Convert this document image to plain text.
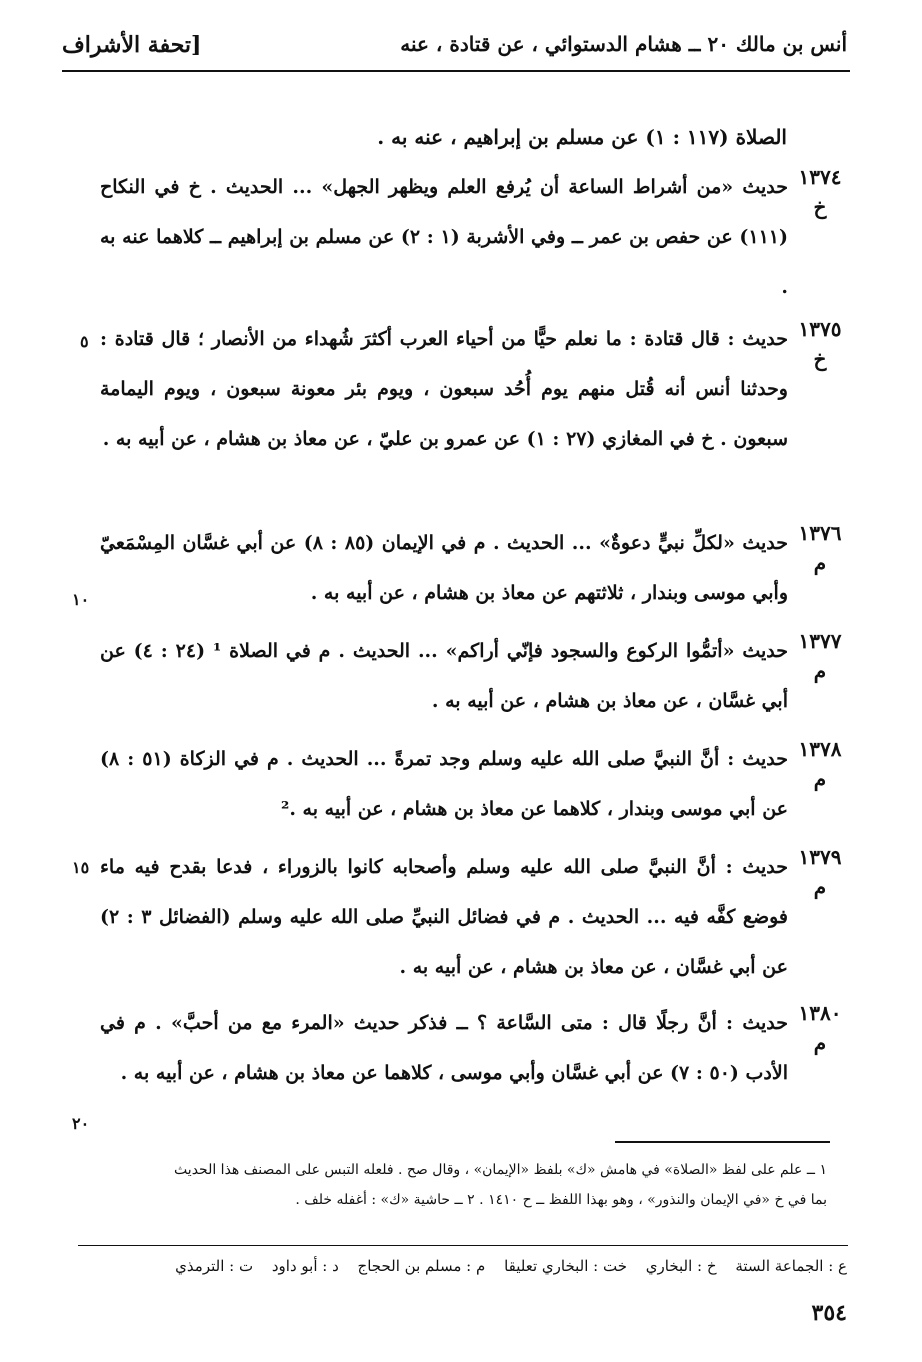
أنس بن مالك ٢٠ ــ هشام الدستوائي ، عن قتادة ، عنه
[تحفة الأشراف
الصلاة (١١٧ : ١) عن مسلم بن إبراهيم ، عنه به .
١٣٧٤
خ
حديث «من أشراط الساعة أن يُرفع العلم ويظهر الجهل» ... الحديث . خ في النكاح (١١١) عن حفص بن عمر ــ وفي الأشربة (١ : ٢) عن مسلم بن إبراهيم ــ كلاهما عنه به .
١٣٧٥
خ
حديث : قال قتادة : ما نعلم حيًّا من أحياء العرب أكثرَ شُهداء من الأنصار ؛ قال قتادة : وحدثنا أنس أنه قُتل منهم يوم أُحُد سبعون ، ويوم بئر معونة سبعون ، ويوم اليمامة سبعون . خ في المغازي (٢٧ : ١) عن عمرو بن عليّ ، عن معاذ بن هشام ، عن أبيه به .
١٣٧٦
م
حديث «لكلِّ نبيٍّ دعوةٌ» ... الحديث . م في الإيمان (٨٥ : ٨) عن أبي غسَّان المِسْمَعيّ وأبي موسى وبندار ، ثلاثتهم عن معاذ بن هشام ، عن أبيه به .
١٣٧٧
م
حديث «أتمُّوا الركوع والسجود فإنّي أراكم» ... الحديث . م في الصلاة ¹ (٢٤ : ٤) عن أبي غسَّان ، عن معاذ بن هشام ، عن أبيه به .
١٣٧٨
م
حديث : أنَّ النبيَّ صلى الله عليه وسلم وجد تمرةً ... الحديث . م في الزكاة (٥١ : ٨) عن أبي موسى وبندار ، كلاهما عن معاذ بن هشام ، عن أبيه به .²
١٣٧٩
م
حديث : أنَّ النبيَّ صلى الله عليه وسلم وأصحابه كانوا بالزوراء ، فدعا بقدح فيه ماء فوضع كفَّه فيه ... الحديث . م في فضائل النبيِّ صلى الله عليه وسلم (الفضائل ٣ : ٢) عن أبي غسَّان ، عن معاذ بن هشام ، عن أبيه به .
١٣٨٠
م
حديث : أنَّ رجلًا قال : متى السَّاعة ؟ ــ فذكر حديث «المرء مع من أحبَّ» . م في الأدب (٥٠ : ٧) عن أبي غسَّان وأبي موسى ، كلاهما عن معاذ بن هشام ، عن أبيه به .
٥
١٠
١٥
٢٠
١ ــ علم على لفظ «الصلاة» في هامش «ك» بلفظ «الإيمان» ، وقال صح . فلعله التبس على المصنف هذا الحديث
بما في خ «في الإيمان والنذور» ، وهو بهذا اللفظ ــ ح ١٤١٠ . ٢ ــ حاشية «ك» : أغفله خلف .
ع : الجماعة الستة خ : البخاري خت : البخاري تعليقا م : مسلم بن الحجاج د : أبو داود ت : الترمذي
٣٥٤
